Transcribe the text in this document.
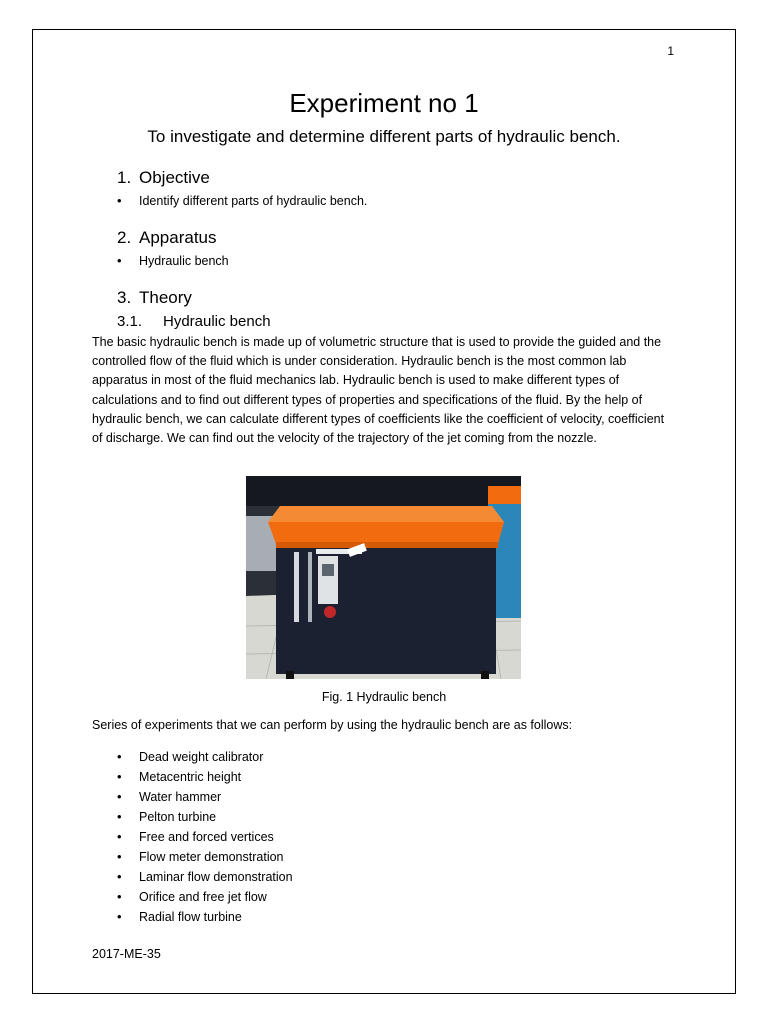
1
Experiment no 1
To investigate and determine different parts of hydraulic bench.
1. Objective
• Identify different parts of hydraulic bench.
2. Apparatus
• Hydraulic bench
3. Theory
3.1. Hydraulic bench
The basic hydraulic bench is made up of volumetric structure that is used to provide the guided and the controlled flow of the fluid which is under consideration. Hydraulic bench is the most common lab apparatus in most of the fluid mechanics lab. Hydraulic bench is used to make different types of calculations and to find out different types of properties and specifications of the fluid. By the help of hydraulic bench, we can calculate different types of coefficients like the coefficient of velocity, coefficient of discharge. We can find out the velocity of the trajectory of the jet coming from the nozzle.
Fig. 1 Hydraulic bench
Series of experiments that we can perform by using the hydraulic bench are as follows:
• Dead weight calibrator
• Metacentric height
• Water hammer
• Pelton turbine
• Free and forced vertices
• Flow meter demonstration
• Laminar flow demonstration
• Orifice and free jet flow
• Radial flow turbine
2017-ME-35
